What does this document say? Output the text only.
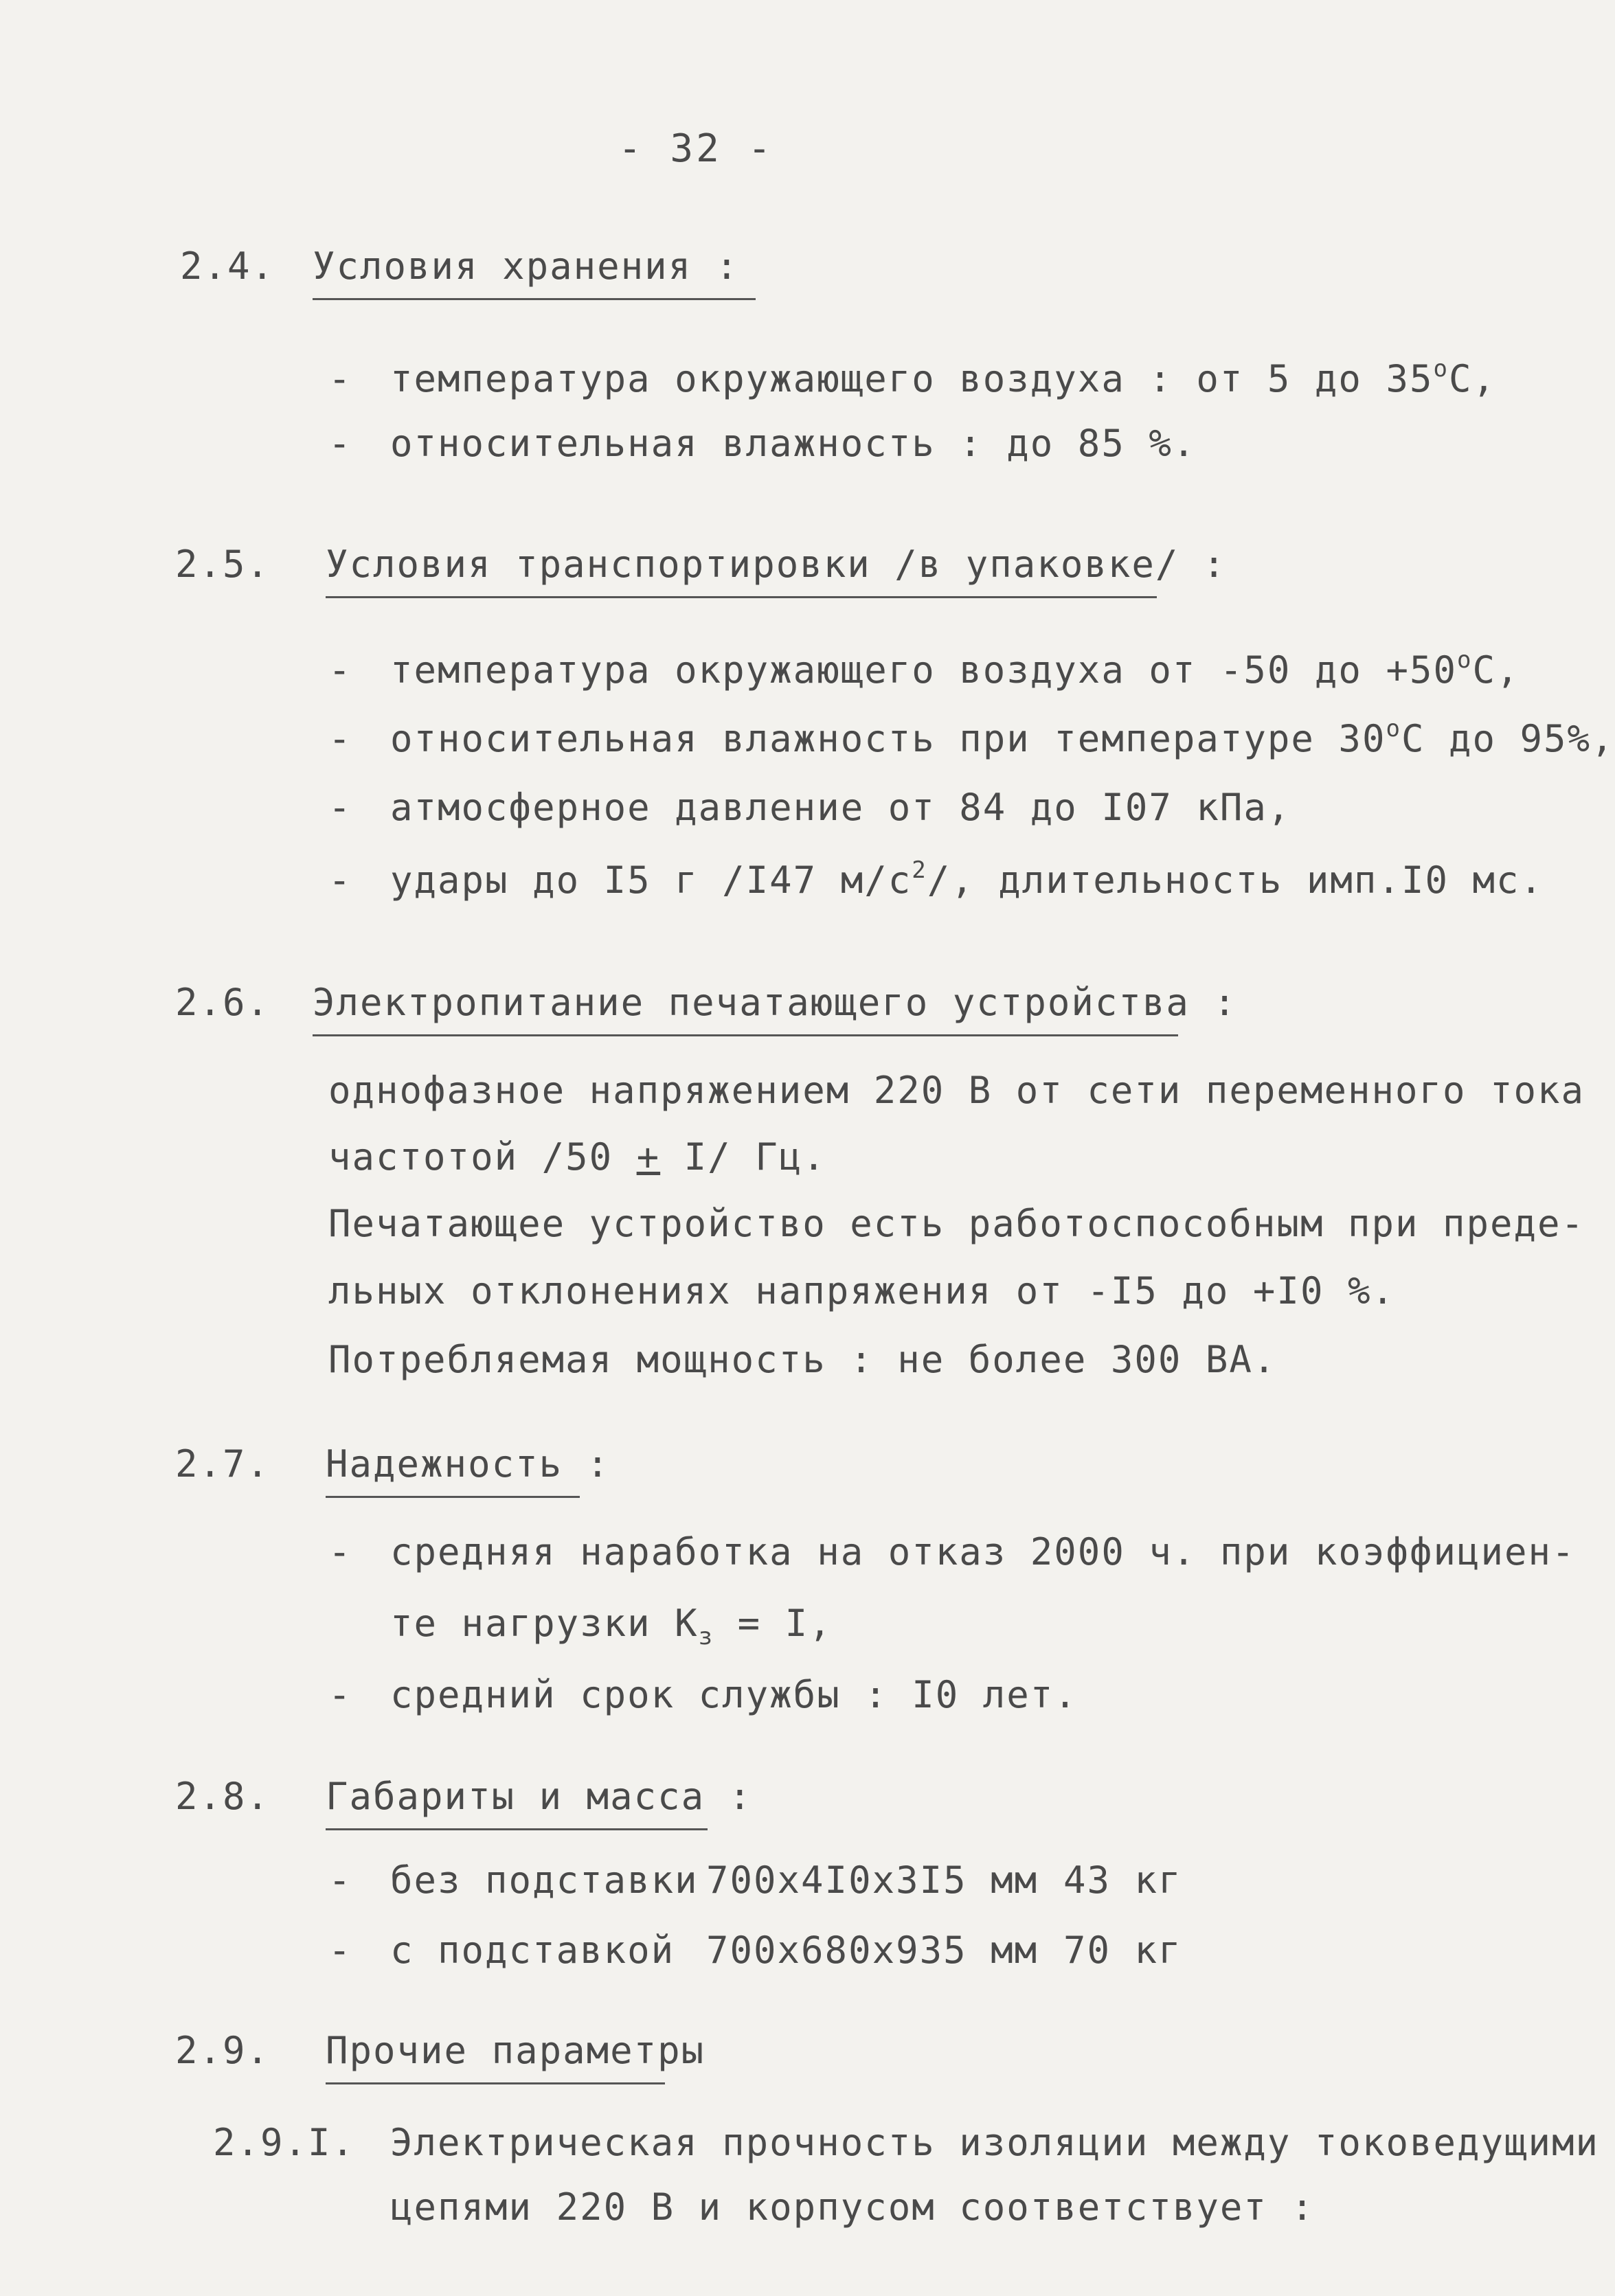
- 32 -
2.4. Условия хранения :
- температура окружающего воздуха : от 5 до 35$^o$С,
- относительная влажность : до 85 %.
2.5. Условия транспортировки /в упаковке/ :
- температура окружающего воздуха от -50 до $+50^oС$,
- относительная влажность при температуре 30$^o$С до 95%,
- атмосферное давление от 84 до I07 кПа,
- удары до I5 г /I47 $м/с^2/$, длительность имп.I0 мс.
2.6. Электропитание печатающего устройства :
однофазное напряжением 220 В от сети переменного тока
частотой /50 + I/ Гц.
Печатающее устройство есть работоспособным при преде-
льных отклонениях напряжения от -I5 до +I0 %.
Потребляемая мощность : не более 300 ВА.
2.7. Надежность :
- средняя наработка на отказ 2000 ч. при коэффициен-
те нагрузки $К_з = I$,
- средний срок службы : I0 лет.
2.8. Габариты и масса :
- без подставки 700х4I0х3I5 мм 43 кг
- с подставкой 700х680х935 мм 70 кг
2.9. Прочие параметры
2.9.I. Электрическая прочность изоляции между токоведущими
цепями 220 В и корпусом соответствует :
